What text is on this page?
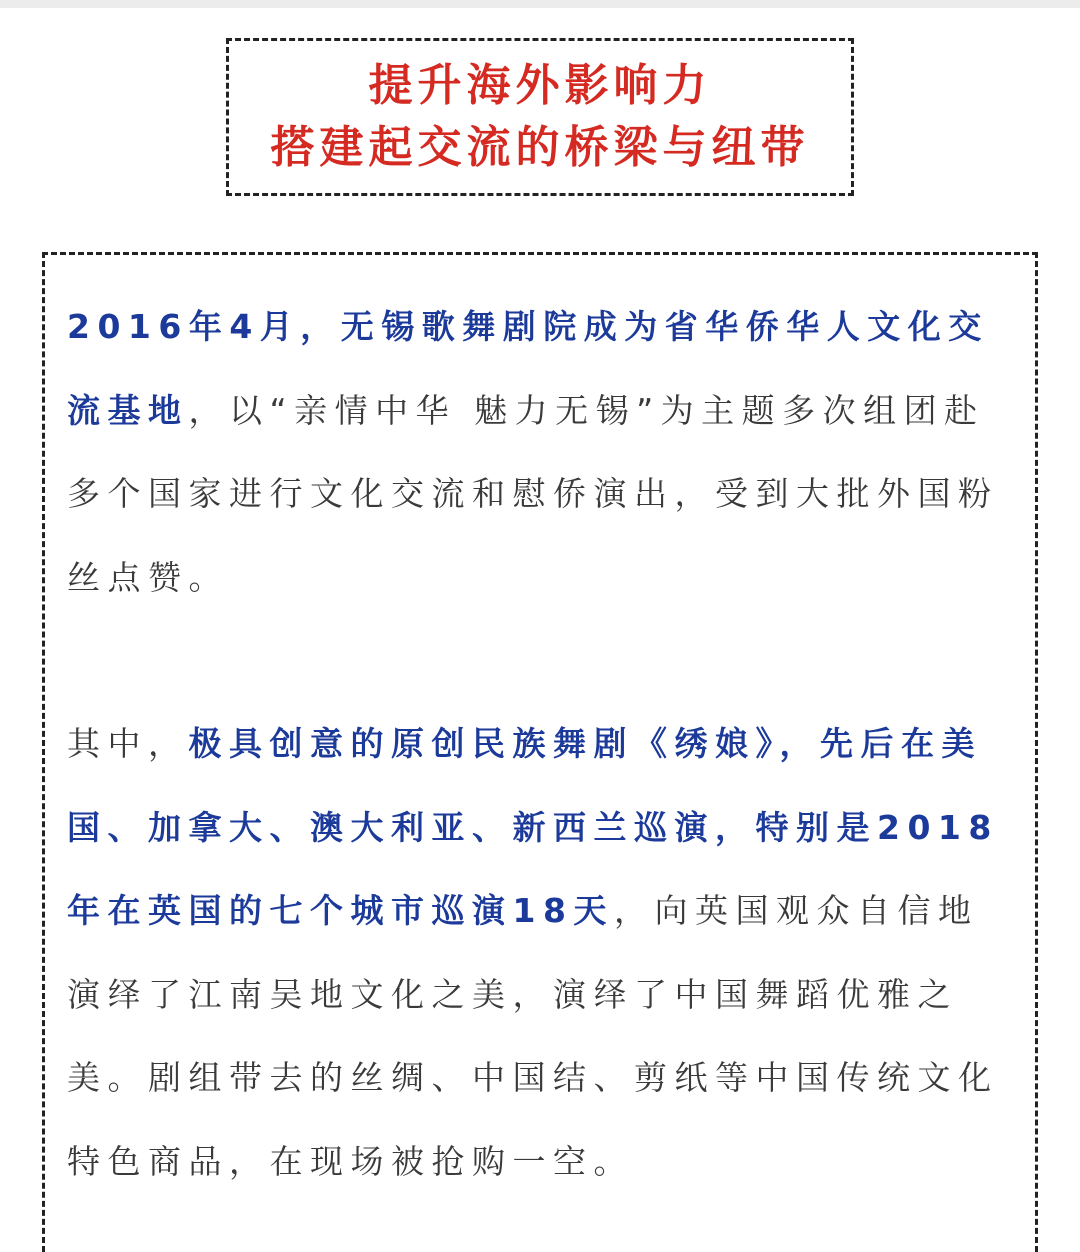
提升海外影响力
搭建起交流的桥梁与纽带

2016年4月，无锡歌舞剧院成为省华侨华人文化交流基地，以“亲情中华 魅力无锡”为主题多次组团赴多个国家进行文化交流和慰侨演出，受到大批外国粉丝点赞。

其中，极具创意的原创民族舞剧《绣娘》，先后在美国、加拿大、澳大利亚、新西兰巡演，特别是2018年在英国的七个城市巡演18天，向英国观众自信地演绎了江南吴地文化之美，演绎了中国舞蹈优雅之美。剧组带去的丝绸、中国结、剪纸等中国传统文化特色商品，在现场被抢购一空。
